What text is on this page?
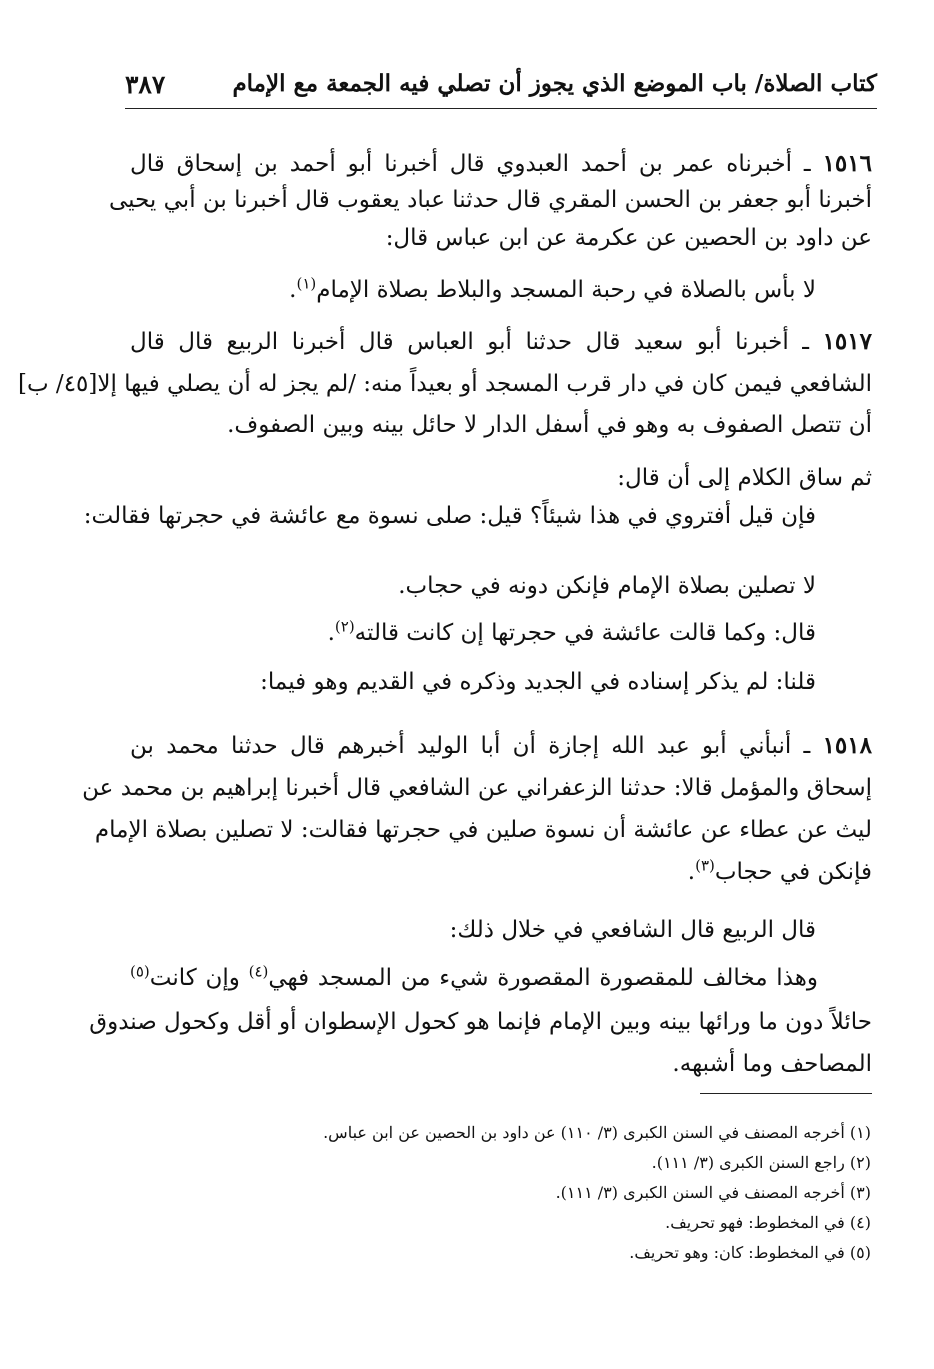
كتاب الصلاة/ باب الموضع الذي يجوز أن تصلي فيه الجمعة مع الإمام
٣٨٧
١٥١٦ ـ أخبرناه عمر بن أحمد العبدوي قال أخبرنا أبو أحمد بن إسحاق قال
أخبرنا أبو جعفر بن الحسن المقري قال حدثنا عباد يعقوب قال أخبرنا بن أبي يحيى
عن داود بن الحصين عن عكرمة عن ابن عباس قال:
لا بأس بالصلاة في رحبة المسجد والبلاط بصلاة الإمام$^{(١)}$.
١٥١٧ ـ أخبرنا أبو سعيد قال حدثنا أبو العباس قال أخبرنا الربيع قال قال
الشافعي فيمن كان في دار قرب المسجد أو بعيداً منه: /لم يجز له أن يصلي فيها إلا
[٤٥/ ب]
أن تتصل الصفوف به وهو في أسفل الدار لا حائل بينه وبين الصفوف.
ثم ساق الكلام إلى أن قال:
فإن قيل أفتروي في هذا شيئاً؟ قيل: صلى نسوة مع عائشة في حجرتها فقالت:
لا تصلين بصلاة الإمام فإنكن دونه في حجاب.
قال: وكما قالت عائشة في حجرتها إن كانت قالته$^{(٢)}$.
قلنا: لم يذكر إسناده في الجديد وذكره في القديم وهو فيما:
١٥١٨ ـ أنبأني أبو عبد الله إجازة أن أبا الوليد أخبرهم قال حدثنا محمد بن
إسحاق والمؤمل قالا: حدثنا الزعفراني عن الشافعي قال أخبرنا إبراهيم بن محمد عن
ليث عن عطاء عن عائشة أن نسوة صلين في حجرتها فقالت: لا تصلين بصلاة الإمام
فإنكن في حجاب$^{(٣)}$.
قال الربيع قال الشافعي في خلال ذلك:
وهذا مخالف للمقصورة المقصورة شيء من المسجد فهي$^{(٤)}$ وإن كانت$^{(٥)}$
حائلاً دون ما ورائها بينه وبين الإمام فإنما هو كحول الإسطوان أو أقل وكحول صندوق
المصاحف وما أشبهه.
(١) أخرجه المصنف في السنن الكبرى (٣/ ١١٠) عن داود بن الحصين عن ابن عباس.
(٢) راجع السنن الكبرى (٣/ ١١١).
(٣) أخرجه المصنف في السنن الكبرى (٣/ ١١١).
(٤) في المخطوط: فهو تحريف.
(٥) في المخطوط: كان: وهو تحريف.
